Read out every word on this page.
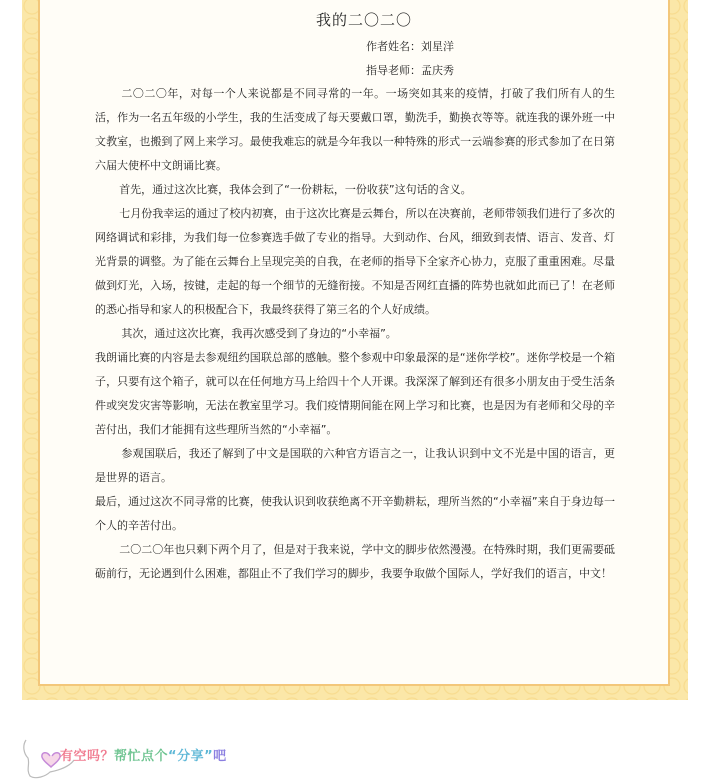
我的二〇二〇
作者姓名：刘星洋
指导老师：孟庆秀

二〇二〇年，对每一个人来说都是不同寻常的一年。一场突如其来的疫情，打破了我们所有人的生活，作为一名五年级的小学生，我的生活变成了每天要戴口罩，勤洗手，勤换衣等等。就连我的课外班一中文教室，也搬到了网上来学习。最使我难忘的就是今年我以一种特殊的形式一云端参赛的形式参加了在日第六届大使杯中文朗诵比赛。

首先，通过这次比赛，我体会到了“一份耕耘，一份收获”这句话的含义。

七月份我幸运的通过了校内初赛，由于这次比赛是云舞台，所以在决赛前，老师带领我们进行了多次的网络调试和彩排，为我们每一位参赛选手做了专业的指导。大到动作、台风，细致到表情、语言、发音、灯光背景的调整。为了能在云舞台上呈现完美的自我，在老师的指导下全家齐心协力，克服了重重困难。尽量做到灯光，入场，按键，走起的每一个细节的无缝衔接。不知是否网红直播的阵势也就如此而已了！在老师的悉心指导和家人的积极配合下，我最终获得了第三名的个人好成绩。

其次，通过这次比赛，我再次感受到了身边的“小幸福”。

我朗诵比赛的内容是去参观纽约国联总部的感触。整个参观中印象最深的是“迷你学校”。迷你学校是一个箱子，只要有这个箱子，就可以在任何地方马上给四十个人开课。我深深了解到还有很多小朋友由于受生活条件或突发灾害等影响，无法在教室里学习。我们疫情期间能在网上学习和比赛，也是因为有老师和父母的辛苦付出，我们才能拥有这些理所当然的“小幸福”。

参观国联后，我还了解到了中文是国联的六种官方语言之一，让我认识到中文不光是中国的语言，更是世界的语言。

最后，通过这次不同寻常的比赛，使我认识到收获绝离不开辛勤耕耘，理所当然的“小幸福”来自于身边每一个人的辛苦付出。

二〇二〇年也只剩下两个月了，但是对于我来说，学中文的脚步依然漫漫。在特殊时期，我们更需要砥砺前行，无论遇到什么困难，都阻止不了我们学习的脚步，我要争取做个国际人，学好我们的语言，中文！

有空吗？帮忙点个“分享”吧
